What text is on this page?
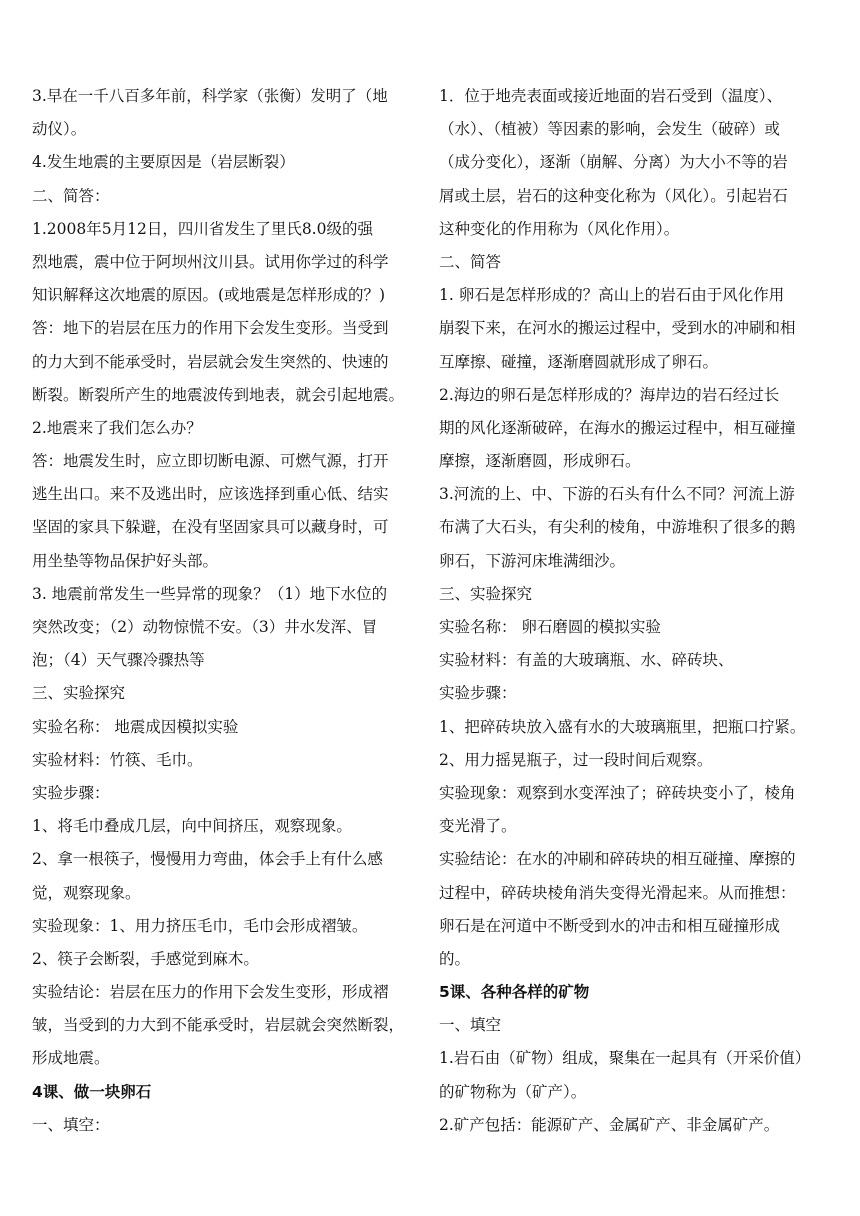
3.早在一千八百多年前，科学家（张衡）发明了（地
动仪）。
4.发生地震的主要原因是（岩层断裂）
二、简答：
1.2008年5月12日，四川省发生了里氏8.0级的强
烈地震，震中位于阿坝州汶川县。试用你学过的科学
知识解释这次地震的原因。(或地震是怎样形成的？)
答：地下的岩层在压力的作用下会发生变形。当受到
的力大到不能承受时，岩层就会发生突然的、快速的
断裂。断裂所产生的地震波传到地表，就会引起地震。
2.地震来了我们怎么办？
答：地震发生时，应立即切断电源、可燃气源，打开
逃生出口。来不及逃出时，应该选择到重心低、结实
坚固的家具下躲避，在没有坚固家具可以藏身时，可
用坐垫等物品保护好头部。
3. 地震前常发生一些异常的现象？（1）地下水位的
突然改变；（2）动物惊慌不安。（3）井水发浑、冒
泡；（4）天气骤冷骤热等
三、实验探究
实验名称： 地震成因模拟实验
实验材料：竹筷、毛巾。
实验步骤：
1、将毛巾叠成几层，向中间挤压，观察现象。
2、拿一根筷子，慢慢用力弯曲，体会手上有什么感
觉，观察现象。
实验现象：1、用力挤压毛巾，毛巾会形成褶皱。
2、筷子会断裂，手感觉到麻木。
实验结论：岩层在压力的作用下会发生变形，形成褶
皱，当受到的力大到不能承受时，岩层就会突然断裂，
形成地震。
4课、做一块卵石
一、填空：
1．位于地壳表面或接近地面的岩石受到（温度）、
（水）、（植被）等因素的影响，会发生（破碎）或
（成分变化），逐渐（崩解、分离）为大小不等的岩
屑或土层，岩石的这种变化称为（风化）。引起岩石
这种变化的作用称为（风化作用）。
二、简答
1. 卵石是怎样形成的？高山上的岩石由于风化作用
崩裂下来，在河水的搬运过程中，受到水的冲刷和相
互摩擦、碰撞，逐渐磨圆就形成了卵石。
2.海边的卵石是怎样形成的？海岸边的岩石经过长
期的风化逐渐破碎，在海水的搬运过程中，相互碰撞
摩擦，逐渐磨圆，形成卵石。
3.河流的上、中、下游的石头有什么不同？河流上游
布满了大石头，有尖利的棱角，中游堆积了很多的鹅
卵石，下游河床堆满细沙。
三、实验探究
实验名称： 卵石磨圆的模拟实验
实验材料：有盖的大玻璃瓶、水、碎砖块、
实验步骤：
1、把碎砖块放入盛有水的大玻璃瓶里，把瓶口拧紧。
2、用力摇晃瓶子，过一段时间后观察。
实验现象：观察到水变浑浊了；碎砖块变小了，棱角
变光滑了。
实验结论：在水的冲刷和碎砖块的相互碰撞、摩擦的
过程中，碎砖块棱角消失变得光滑起来。从而推想：
卵石是在河道中不断受到水的冲击和相互碰撞形成
的。
5课、各种各样的矿物
一、填空
1.岩石由（矿物）组成，聚集在一起具有（开采价值）
的矿物称为（矿产）。
2.矿产包括：能源矿产、金属矿产、非金属矿产。
